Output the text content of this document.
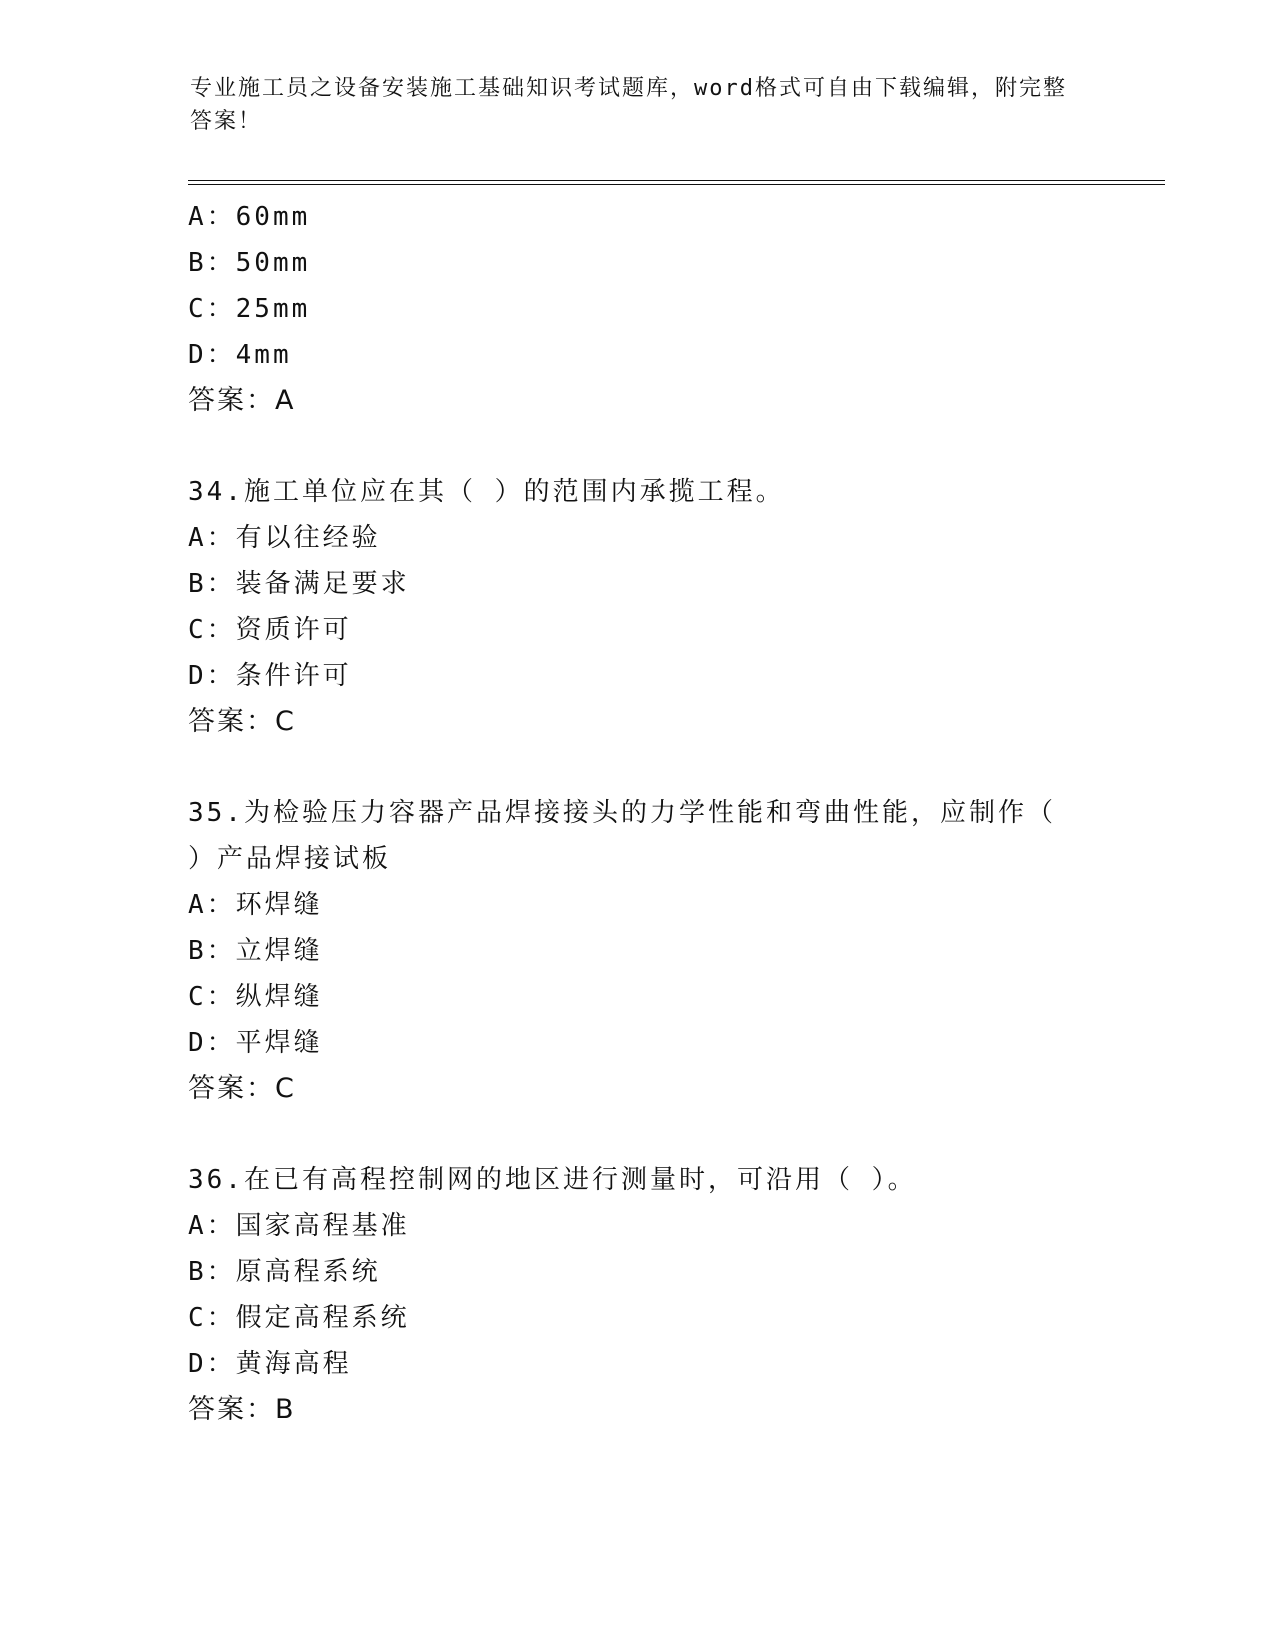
专业施工员之设备安装施工基础知识考试题库，word格式可自由下载编辑，附完整答案！
A：60mm
B：50mm
C：25mm
D：4mm
答案：A
34.施工单位应在其（ ）的范围内承揽工程。
A：有以往经验
B：装备满足要求
C：资质许可
D：条件许可
答案：C
35.为检验压力容器产品焊接接头的力学性能和弯曲性能，应制作（
）产品焊接试板
A：环焊缝
B：立焊缝
C：纵焊缝
D：平焊缝
答案：C
36.在已有高程控制网的地区进行测量时，可沿用（ ）。
A：国家高程基准
B：原高程系统
C：假定高程系统
D：黄海高程
答案：B
